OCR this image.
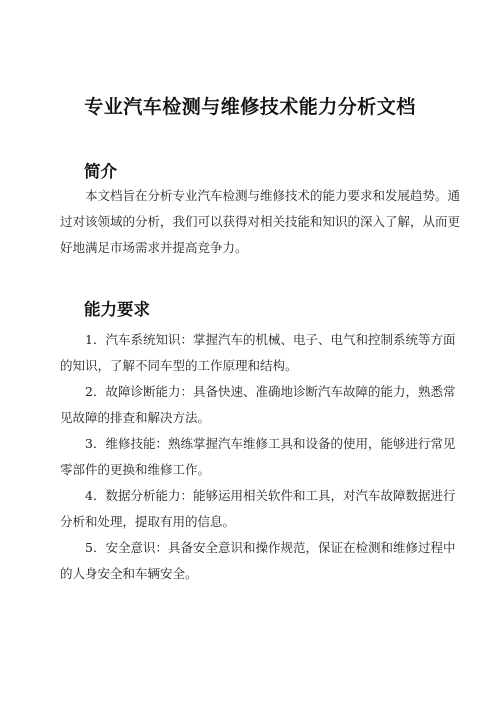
专业汽车检测与维修技术能力分析文档
简介

本文档旨在分析专业汽车检测与维修技术的能力要求和发展趋势。通过对该领域的分析，我们可以获得对相关技能和知识的深入了解，从而更好地满足市场需求并提高竞争力。

能力要求

1．汽车系统知识：掌握汽车的机械、电子、电气和控制系统等方面的知识，了解不同车型的工作原理和结构。

2．故障诊断能力：具备快速、准确地诊断汽车故障的能力，熟悉常见故障的排查和解决方法。

3．维修技能：熟练掌握汽车维修工具和设备的使用，能够进行常见零部件的更换和维修工作。

4．数据分析能力：能够运用相关软件和工具，对汽车故障数据进行分析和处理，提取有用的信息。

5．安全意识：具备安全意识和操作规范，保证在检测和维修过程中的人身安全和车辆安全。
